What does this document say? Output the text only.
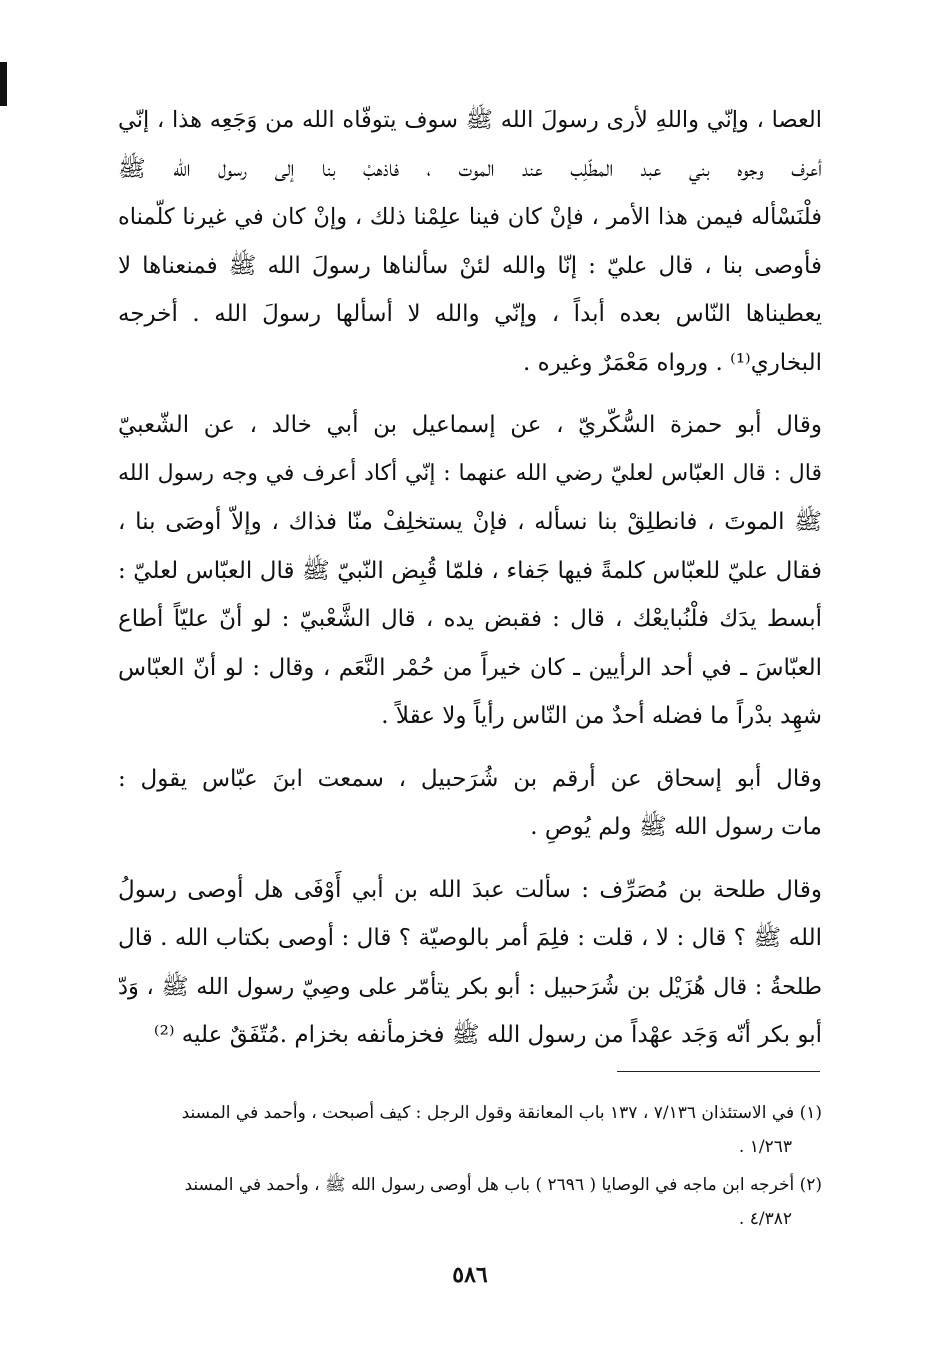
العصا ، وإنّي واللهِ لأرى رسولَ الله ﷺ سوف يتوفّاه الله من وَجَعِه هذا ، إنّي
أعرف وجوه بني عبد المطّلِب عند الموت ، فاذهبْ بنا إلى رسول الله ﷺ
فلْنَسْأله فيمن هذا الأمر ، فإنْ كان فينا علِمْنا ذلك ، وإنْ كان في غيرنا كلّمناه
فأوصى بنا ، قال عليّ : إنّا والله لئنْ سألناها رسولَ الله ﷺ فمنعناها لا
يعطيناها النّاس بعده أبداً ، وإنّي والله لا أسألها رسولَ الله . أخرجه
البخاري⁽¹⁾ . ورواه مَعْمَرٌ وغيره .

وقال أبو حمزة السُّكّريّ ، عن إسماعيل بن أبي خالد ، عن الشّعبيّ
قال : قال العبّاس لعليّ رضي الله عنهما : إنّي أكاد أعرف في وجه رسول الله
ﷺ الموتَ ، فانطلِقْ بنا نسأله ، فإنْ يستخلِفْ منّا فذاك ، وإلاّ أوصَى بنا ،
فقال عليّ للعبّاس كلمةً فيها جَفاء ، فلمّا قُبِض النّبيّ ﷺ قال العبّاس لعليّ :
أبسط يدَك فلْنُبايعْك ، قال : فقبض يده ، قال الشَّعْبيّ : لو أنّ عليّاً أطاع
العبّاسَ ـ في أحد الرأيين ـ كان خيراً من حُمْر النَّعَم ، وقال : لو أنّ العبّاس
شهِد بدْراً ما فضله أحدٌ من النّاس رأياً ولا عقلاً .

وقال أبو إسحاق عن أرقم بن شُرَحبيل ، سمعت ابنَ عبّاس يقول :
مات رسول الله ﷺ ولم يُوصِ .

وقال طلحة بن مُصَرِّف : سألت عبدَ الله بن أبي أَوْفَى هل أوصى رسولُ
الله ﷺ ؟ قال : لا ، قلت : فلِمَ أمر بالوصيّة ؟ قال : أوصى بكتاب الله . قال
طلحةُ : قال هُزَيْل بن شُرَحبيل : أبو بكر يتأمّر على وصِيّ رسول الله ﷺ ، وَدّ
أبو بكر أنّه وَجَد عهْداً من رسول الله ﷺ فخزمأنفه بخزام .مُتّفَقٌ عليه ⁽²⁾

(١) في الاستئذان ٧/١٣٦ ، ١٣٧ باب المعانقة وقول الرجل : كيف أصبحت ، وأحمد في المسند
١/٢٦٣ .

(٢) أخرجه ابن ماجه في الوصايا ( ٢٦٩٦ ) باب هل أوصى رسول الله ﷺ ، وأحمد في المسند
٤/٣٨٢ .

٥٨٦
